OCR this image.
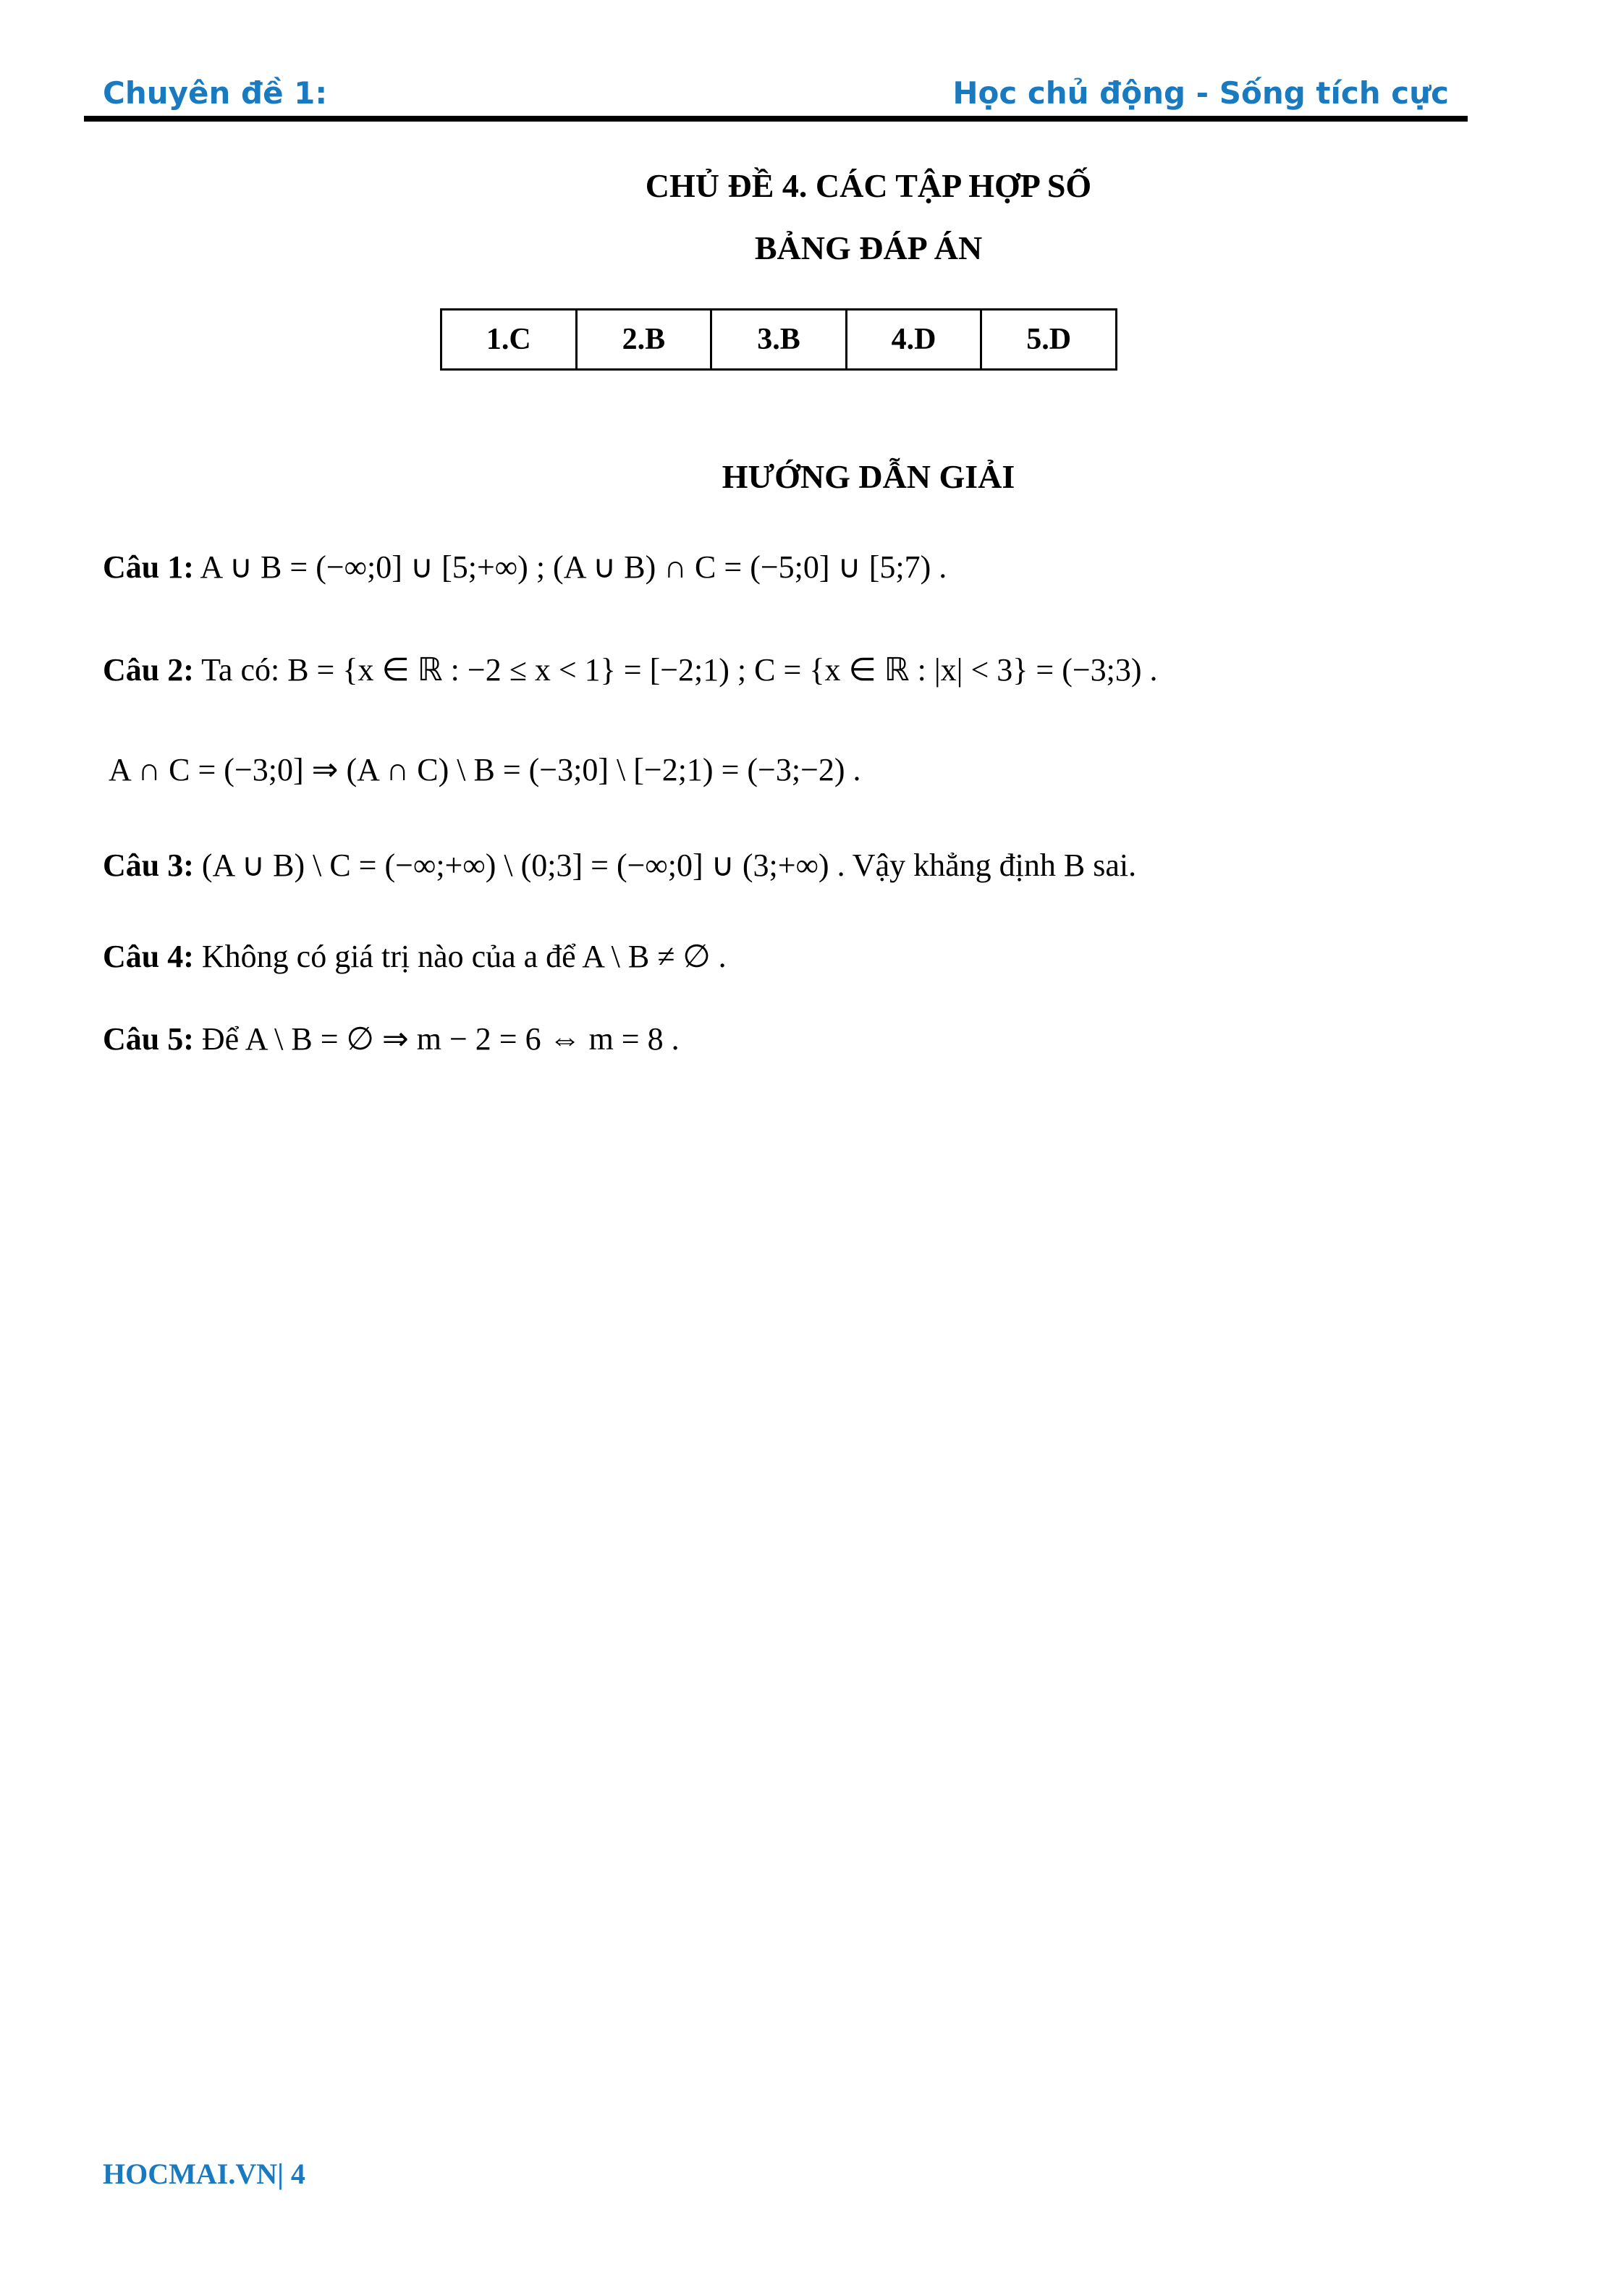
Chuyên đề 1:	Học chủ động - Sống tích cực
CHỦ ĐỀ 4. CÁC TẬP HỢP SỐ
BẢNG ĐÁP ÁN
1.C	2.B	3.B	4.D	5.D
HƯỚNG DẪN GIẢI
Câu 1: A ∪ B = (−∞;0] ∪ [5;+∞) ; (A ∪ B) ∩ C = (−5;0] ∪ [5;7) .
Câu 2: Ta có: B = {x ∈ ℝ : −2 ≤ x < 1} = [−2;1) ; C = {x ∈ ℝ : |x| < 3} = (−3;3) .
A ∩ C = (−3;0] ⇒ (A ∩ C) \ B = (−3;0] \ [−2;1) = (−3;−2) .
Câu 3: (A ∪ B) \ C = (−∞;+∞) \ (0;3] = (−∞;0] ∪ (3;+∞) . Vậy khẳng định B sai.
Câu 4: Không có giá trị nào của a để A \ B ≠ ∅ .
Câu 5: Để A \ B = ∅ ⇒ m − 2 = 6 ⇔ m = 8 .
HOCMAI.VN| 4
